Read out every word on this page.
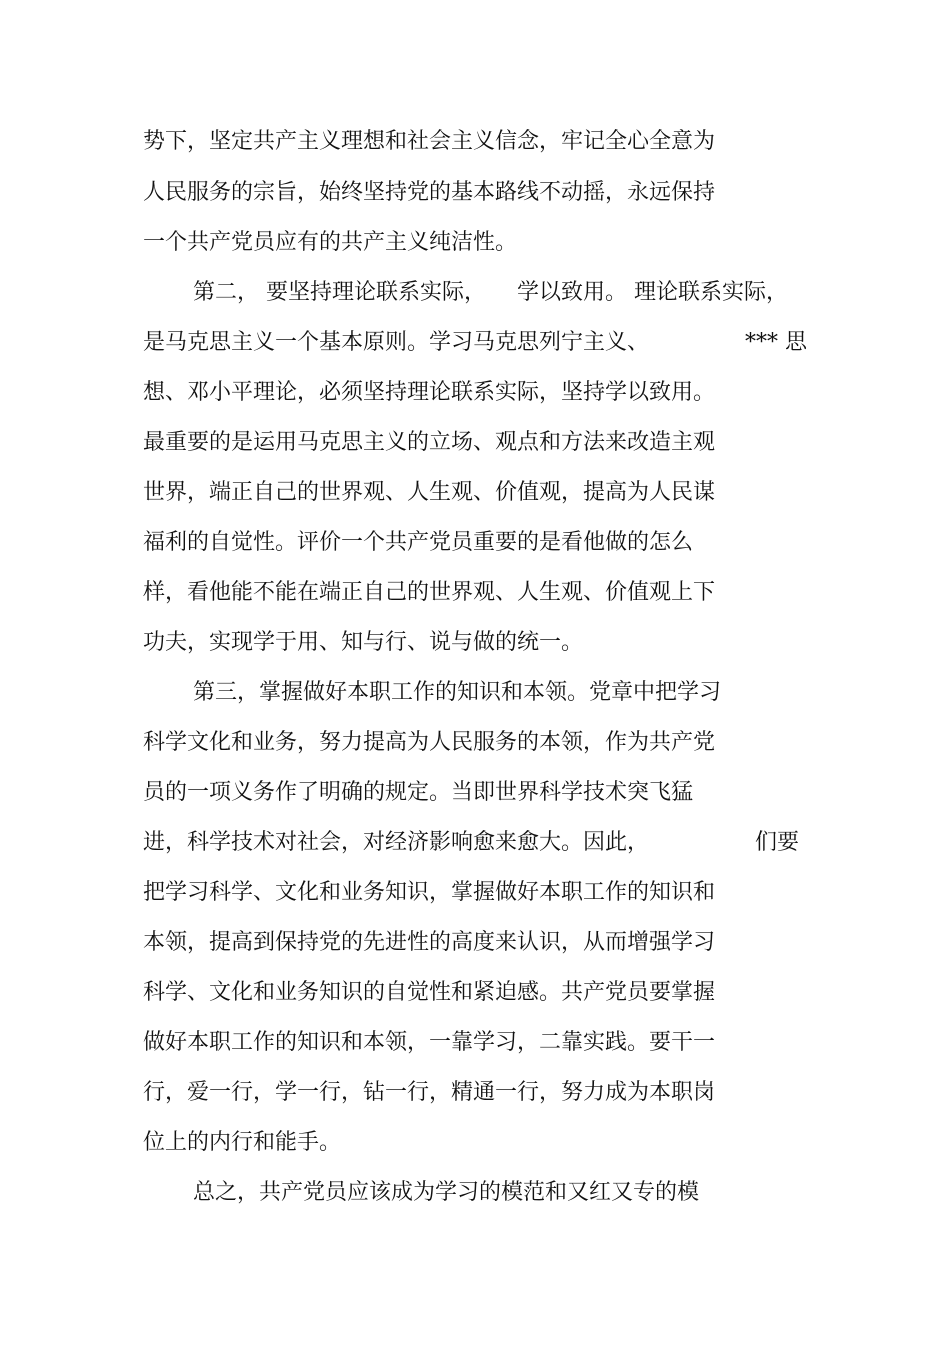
势下，坚定共产主义理想和社会主义信念，牢记全心全意为
人民服务的宗旨，始终坚持党的基本路线不动摇，永远保持
一个共产党员应有的共产主义纯洁性。
第二， 要坚持理论联系实际， 学以致用。 理论联系实际，
是马克思主义一个基本原则。学习马克思列宁主义、	*** 思
想、邓小平理论，必须坚持理论联系实际，坚持学以致用。
最重要的是运用马克思主义的立场、观点和方法来改造主观
世界，端正自己的世界观、人生观、价值观，提高为人民谋
福利的自觉性。评价一个共产党员重要的是看他做的怎么
样，看他能不能在端正自己的世界观、人生观、价值观上下
功夫，实现学于用、知与行、说与做的统一。
第三，掌握做好本职工作的知识和本领。党章中把学习
科学文化和业务，努力提高为人民服务的本领，作为共产党
员的一项义务作了明确的规定。当即世界科学技术突飞猛
进，科学技术对社会，对经济影响愈来愈大。因此，	们要
把学习科学、文化和业务知识，掌握做好本职工作的知识和
本领，提高到保持党的先进性的高度来认识，从而增强学习
科学、文化和业务知识的自觉性和紧迫感。共产党员要掌握
做好本职工作的知识和本领，一靠学习，二靠实践。要干一
行，爱一行，学一行，钻一行，精通一行，努力成为本职岗
位上的内行和能手。
总之，共产党员应该成为学习的模范和又红又专的模
